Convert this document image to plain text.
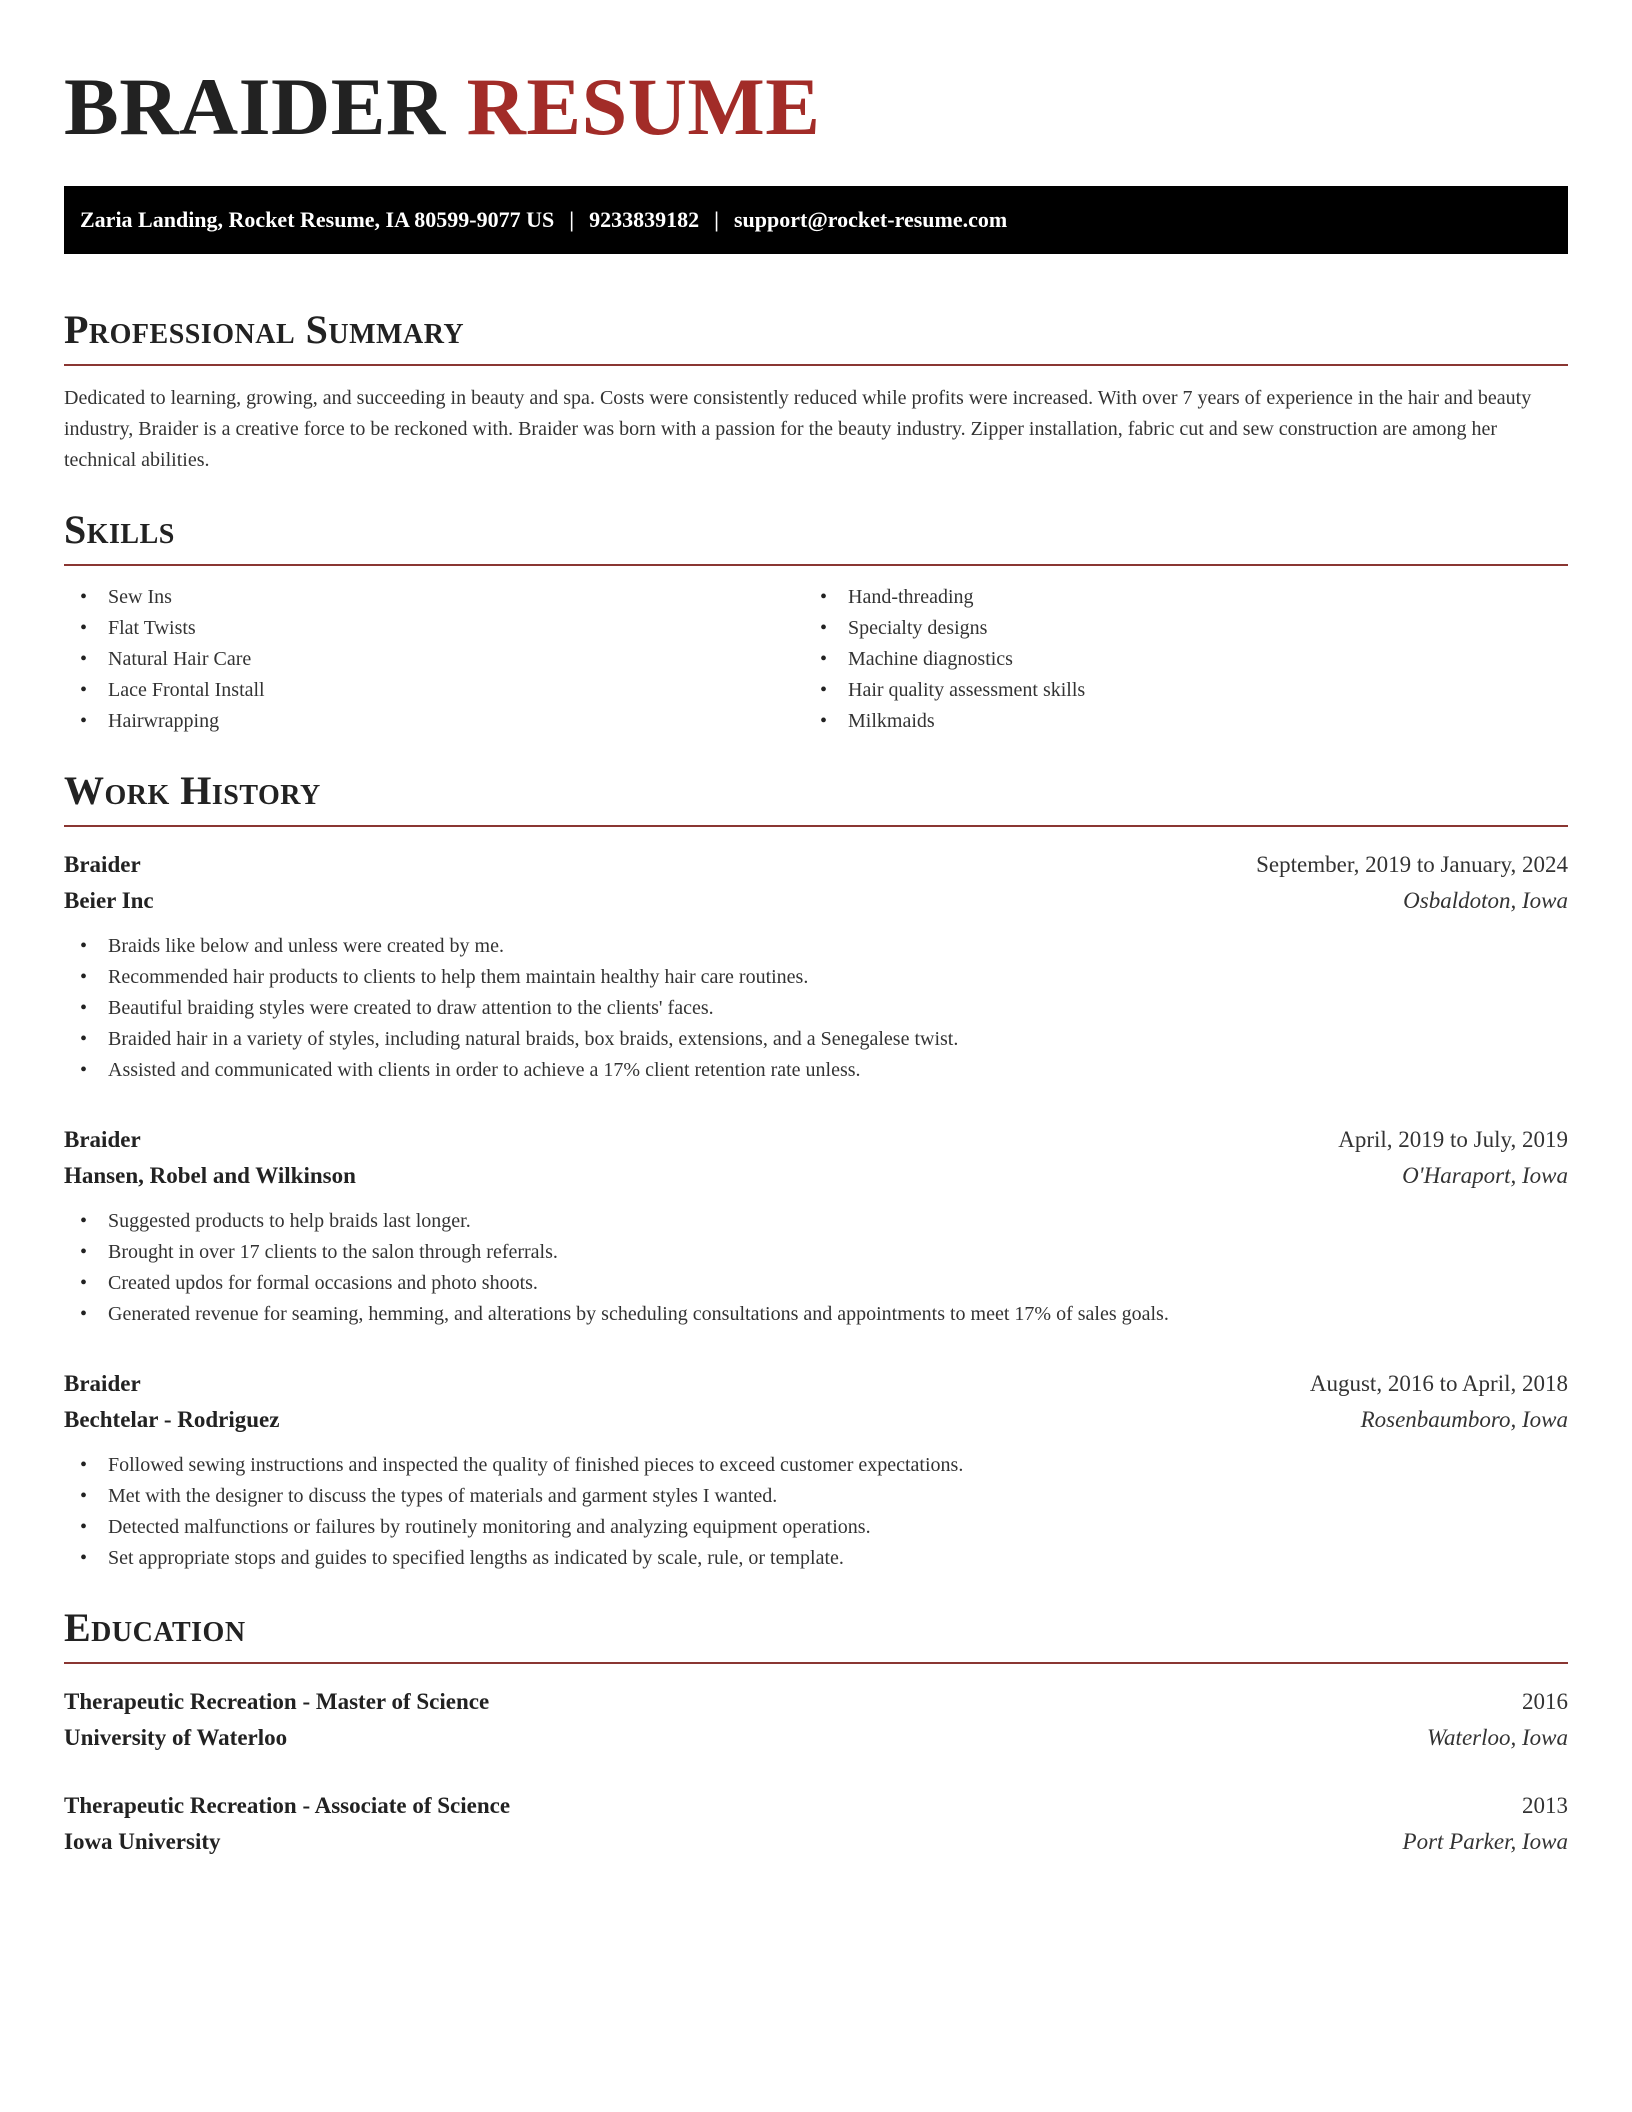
BRAIDER RESUME
Zaria Landing, Rocket Resume, IA 80599-9077 US | 9233839182 | support@rocket-resume.com
Professional Summary

Dedicated to learning, growing, and succeeding in beauty and spa. Costs were consistently reduced while profits were increased. With over 7 years of experience in the hair and beauty industry, Braider is a creative force to be reckoned with. Braider was born with a passion for the beauty industry. Zipper installation, fabric cut and sew construction are among her technical abilities.

Skills
• Sew Ins
• Flat Twists
• Natural Hair Care
• Lace Frontal Install
• Hairwrapping
• Hand-threading
• Specialty designs
• Machine diagnostics
• Hair quality assessment skills
• Milkmaids
Work History
Braider	September, 2019 to January, 2024
Beier Inc	Osbaldoton, Iowa
• Braids like below and unless were created by me.
• Recommended hair products to clients to help them maintain healthy hair care routines.
• Beautiful braiding styles were created to draw attention to the clients' faces.
• Braided hair in a variety of styles, including natural braids, box braids, extensions, and a Senegalese twist.
• Assisted and communicated with clients in order to achieve a 17% client retention rate unless.
Braider	April, 2019 to July, 2019
Hansen, Robel and Wilkinson	O'Haraport, Iowa
• Suggested products to help braids last longer.
• Brought in over 17 clients to the salon through referrals.
• Created updos for formal occasions and photo shoots.
• Generated revenue for seaming, hemming, and alterations by scheduling consultations and appointments to meet 17% of sales goals.
Braider	August, 2016 to April, 2018
Bechtelar - Rodriguez	Rosenbaumboro, Iowa
• Followed sewing instructions and inspected the quality of finished pieces to exceed customer expectations.
• Met with the designer to discuss the types of materials and garment styles I wanted.
• Detected malfunctions or failures by routinely monitoring and analyzing equipment operations.
• Set appropriate stops and guides to specified lengths as indicated by scale, rule, or template.
Education
Therapeutic Recreation - Master of Science	2016
University of Waterloo	Waterloo, Iowa
Therapeutic Recreation - Associate of Science	2013
Iowa University	Port Parker, Iowa
